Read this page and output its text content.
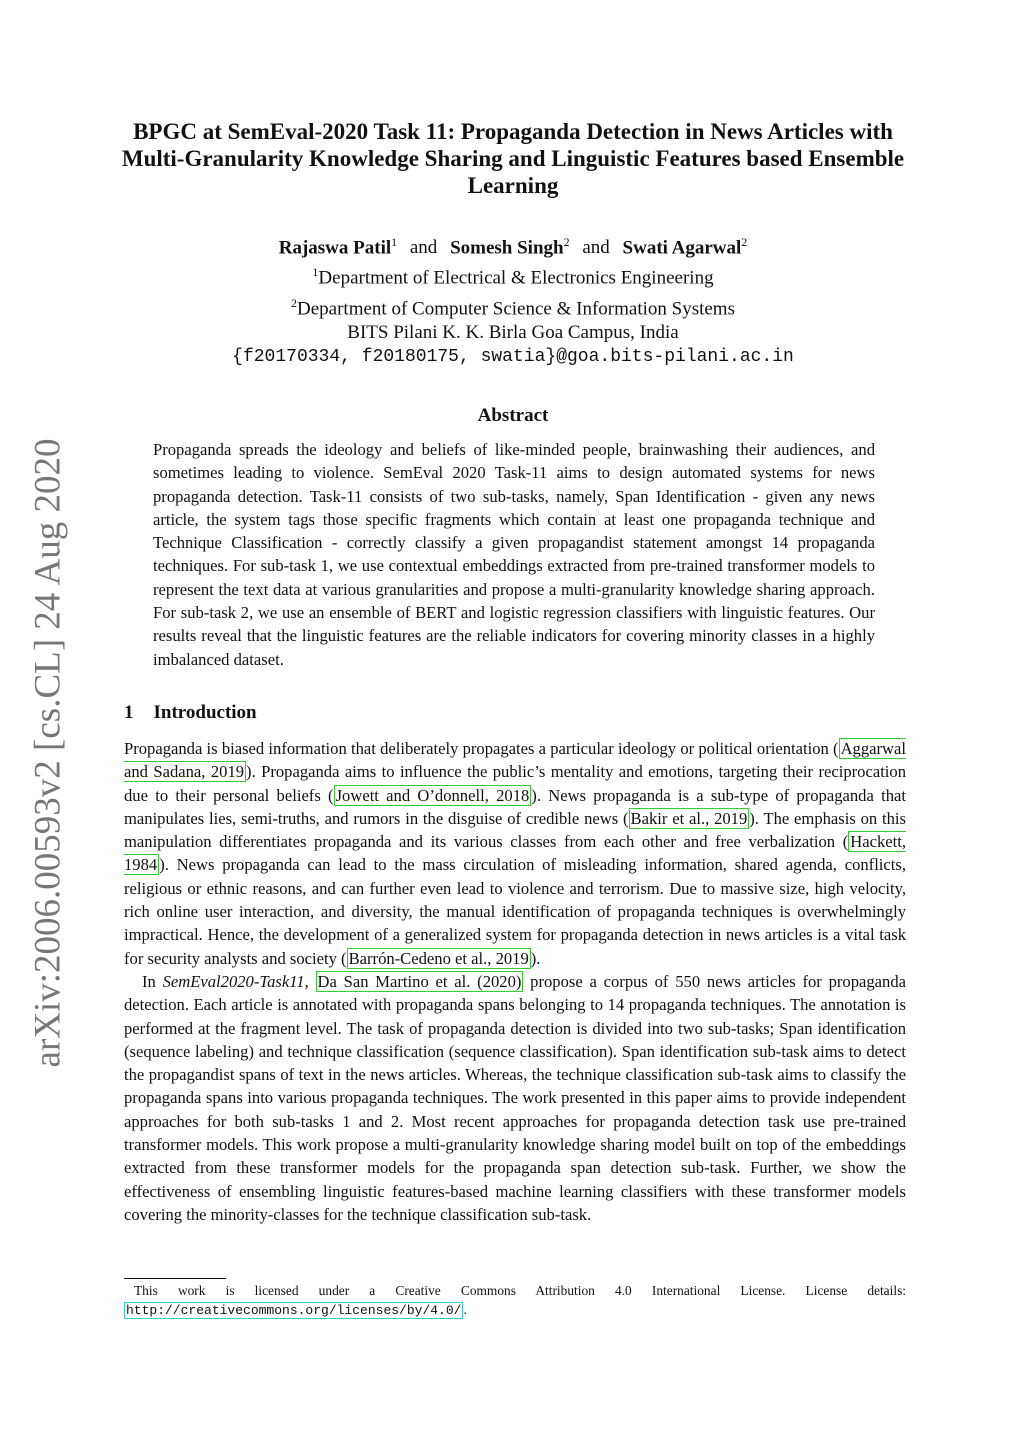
arXiv:2006.00593v2 [cs.CL] 24 Aug 2020
BPGC at SemEval-2020 Task 11: Propaganda Detection in News Articles with Multi-Granularity Knowledge Sharing and Linguistic Features based Ensemble Learning
Rajaswa Patil$^1$ and Somesh Singh$^2$ and Swati Agarwal$^2$
$^1$Department of Electrical & Electronics Engineering
$^2$Department of Computer Science & Information Systems
BITS Pilani K. K. Birla Goa Campus, India
{f20170334, f20180175, swatia}@goa.bits-pilani.ac.in
Abstract

Propaganda spreads the ideology and beliefs of like-minded people, brainwashing their audiences, and sometimes leading to violence. SemEval 2020 Task-11 aims to design automated systems for news propaganda detection. Task-11 consists of two sub-tasks, namely, Span Identification - given any news article, the system tags those specific fragments which contain at least one propaganda technique and Technique Classification - correctly classify a given propagandist statement amongst 14 propaganda techniques. For sub-task 1, we use contextual embeddings extracted from pre-trained transformer models to represent the text data at various granularities and propose a multi-granularity knowledge sharing approach. For sub-task 2, we use an ensemble of BERT and logistic regression classifiers with linguistic features. Our results reveal that the linguistic features are the reliable indicators for covering minority classes in a highly imbalanced dataset.

1 Introduction

Propaganda is biased information that deliberately propagates a particular ideology or political orientation ( Aggarwal and Sadana, 2019 ). Propaganda aims to influence the public’s mentality and emotions, targeting their reciprocation due to their personal beliefs ( Jowett and O’donnell, 2018 ). News propaganda is a sub-type of propaganda that manipulates lies, semi-truths, and rumors in the disguise of credible news ( Bakir et al., 2019 ). The emphasis on this manipulation differentiates propaganda and its various classes from each other and free verbalization ( Hackett, 1984 ). News propaganda can lead to the mass circulation of misleading information, shared agenda, conflicts, religious or ethnic reasons, and can further even lead to violence and terrorism. Due to massive size, high velocity, rich online user interaction, and diversity, the manual identification of propaganda techniques is overwhelmingly impractical. Hence, the development of a generalized system for propaganda detection in news articles is a vital task for security analysts and society ( Barrón-Cedeno et al., 2019 ).

In SemEval2020-Task11, Da San Martino et al. (2020) propose a corpus of 550 news articles for propaganda detection. Each article is annotated with propaganda spans belonging to 14 propaganda techniques. The annotation is performed at the fragment level. The task of propaganda detection is divided into two sub-tasks; Span identification (sequence labeling) and technique classification (sequence classification). Span identification sub-task aims to detect the propagandist spans of text in the news articles. Whereas, the technique classification sub-task aims to classify the propaganda spans into various propaganda techniques. The work presented in this paper aims to provide independent approaches for both sub-tasks 1 and 2. Most recent approaches for propaganda detection task use pre-trained transformer models. This work propose a multi-granularity knowledge sharing model built on top of the embeddings extracted from these transformer models for the propaganda span detection sub-task. Further, we show the effectiveness of ensembling linguistic features-based machine learning classifiers with these transformer models covering the minority-classes for the technique classification sub-task.

This work is licensed under a Creative Commons Attribution 4.0 International License. License details: http://creativecommons.org/licenses/by/4.0/ .
